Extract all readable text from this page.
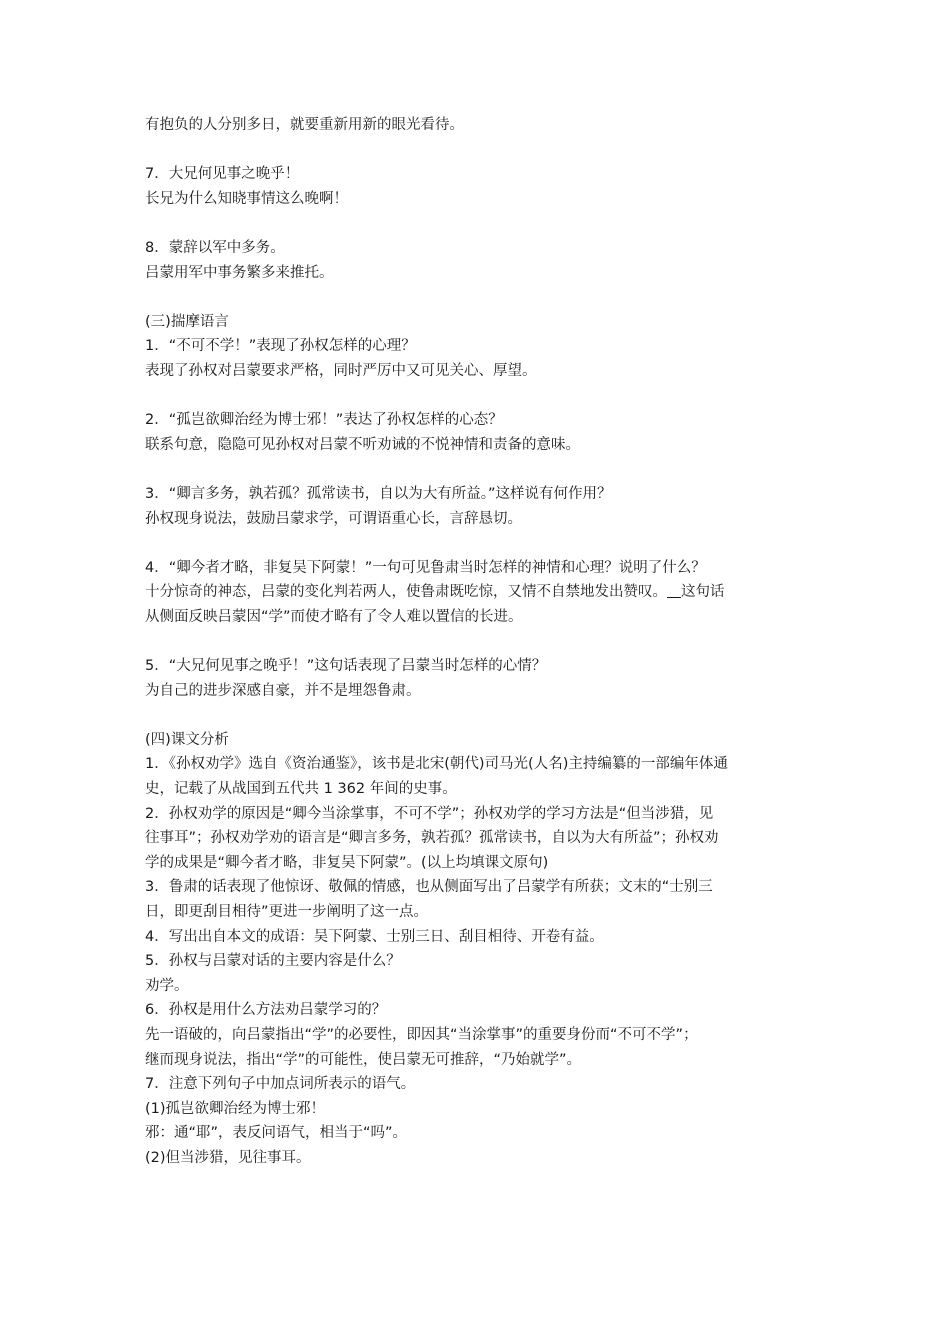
有抱负的人分别多日，就要重新用新的眼光看待。

7．大兄何见事之晚乎！

长兄为什么知晓事情这么晚啊！

8．蒙辞以军中多务。

吕蒙用军中事务繁多来推托。

(三)揣摩语言

1．“不可不学！”表现了孙权怎样的心理？

表现了孙权对吕蒙要求严格，同时严厉中又可见关心、厚望。

2．“孤岂欲卿治经为博士邪！”表达了孙权怎样的心态？

联系句意，隐隐可见孙权对吕蒙不听劝诫的不悦神情和责备的意味。

3．“卿言多务，孰若孤？孤常读书，自以为大有所益。”这样说有何作用？

孙权现身说法，鼓励吕蒙求学，可谓语重心长，言辞恳切。

4．“卿今者才略，非复吴下阿蒙！”一句可见鲁肃当时怎样的神情和心理？说明了什么？

十分惊奇的神态，吕蒙的变化判若两人，使鲁肃既吃惊，又情不自禁地发出赞叹。 这句话

从侧面反映吕蒙因“学”而使才略有了令人难以置信的长进。

5．“大兄何见事之晚乎！”这句话表现了吕蒙当时怎样的心情？

为自己的进步深感自豪，并不是埋怨鲁肃。

(四)课文分析

1．《孙权劝学》选自《资治通鉴》，该书是北宋(朝代)司马光(人名)主持编纂的一部编年体通

史，记载了从战国到五代共 1 362 年间的史事。

2．孙权劝学的原因是“卿今当涂掌事，不可不学”；孙权劝学的学习方法是“但当涉猎，见

往事耳”；孙权劝学劝的语言是“卿言多务，孰若孤？孤常读书，自以为大有所益”；孙权劝

学的成果是“卿今者才略，非复吴下阿蒙”。(以上均填课文原句)

3．鲁肃的话表现了他惊讶、敬佩的情感，也从侧面写出了吕蒙学有所获；文末的“士别三

日，即更刮目相待”更进一步阐明了这一点。

4．写出出自本文的成语：吴下阿蒙、士别三日、刮目相待、开卷有益。

5．孙权与吕蒙对话的主要内容是什么？

劝学。

6．孙权是用什么方法劝吕蒙学习的？

先一语破的，向吕蒙指出“学”的必要性，即因其“当涂掌事”的重要身份而“不可不学”；

继而现身说法，指出“学”的可能性，使吕蒙无可推辞，“乃始就学”。

7．注意下列句子中加点词所表示的语气。

(1)孤岂欲卿治经为博士邪！

邪：通“耶”，表反问语气，相当于“吗”。

(2)但当涉猎，见往事耳。
